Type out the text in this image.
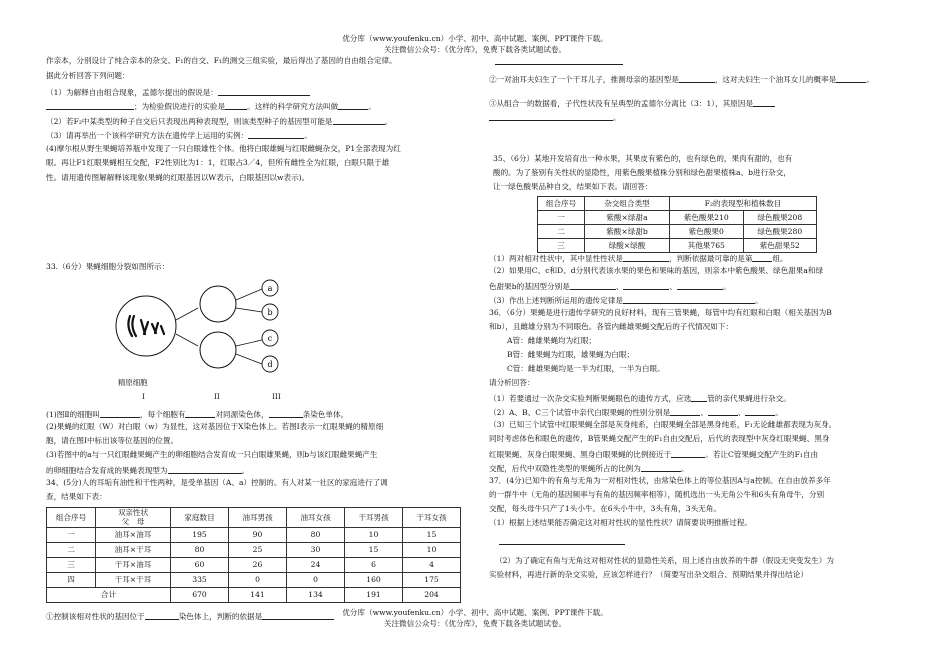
优分库（www.youfenku.cn）小学、初中、高中试题、案例、PPT课件下载。
关注微信公众号：《优分库》，免费下载各类试题试卷。
作亲本，分别设计了纯合亲本的杂交、F₁的自交、F₁的测交三组实验，最后得出了基因的自由组合定律。
据此分析回答下列问题：
（1）为解释自由组合现象，孟德尔提出的假说是：
；为检验假说进行的实验是	。这样的科学研究方法叫做	。
（2）若F₂中某类型的种子自交后只表现出两种表现型，则该类型种子的基因型可能是	。
（3）请再举出一个该科学研究方法在遗传学上运用的实例：	。
(4)摩尔根从野生果蝇培养瓶中发现了一只白眼雄性个体。他将白眼雄蝇与红眼雌蝇杂交，P1全部表现为红
眼。再让F1红眼果蝇相互交配，F2性别比为1：1，红眼占3／4，但所有雌性全为红眼，白眼只限于雄
性。请用遗传图解解释该现象(果蝇的红眼基因以W表示，白眼基因以w表示)。
33.（6分）果蝇细胞分裂如图所示：
a
b
c
d
精原细胞
I	II	III
(1)图Ⅱ的细胞叫	，每个细胞有	对同源染色体，	条染色单体。
(2)果蝇的红眼（W）对白眼（w）为显性，这对基因位于X染色体上。若图Ⅰ表示一红眼果蝇的精原细
胞，请在图Ⅰ中标出该等位基因的位置。
(3)若图中的a与一只红眼雌果蝇产生的卵细胞结合发育成一只白眼雄果蝇，则b与该红眼雌果蝇产生
的卵细胞结合发育成的果蝇表现型为	。
34、(5分)人的耳垢有油性和干性两种，是受单基因（A、a）控制的。有人对某一社区的家庭进行了调
查，结果如下表：
组合序号	双亲性状
父　母	家庭数目	油耳男孩	油耳女孩	干耳男孩	干耳女孩
一	油耳×油耳	195	90	80	10	15
二	油耳×干耳	80	25	30	15	10
三	干耳×油耳	60	26	24	6	4
四	干耳×干耳	335	0	0	160	175
合计		670	141	134	191	204
①控制该相对性状的基因位于	染色体上，判断的依据是
②一对油耳夫妇生了一个干耳儿子，推测母亲的基因型是	，这对夫妇生一个油耳女儿的概率是	。
③从组合一的数据看，子代性状没有呈典型的孟德尔分离比（3：1），其原因是
。
35、（6分）某地开发培育出一种水果，其果皮有紫色的，也有绿色的，果肉有甜的，也有
酸的。为了鉴别有关性状的显隐性，用紫色酸果植株分别和绿色甜果植株a、b进行杂交，
让一绿色酸果品种自交，结果如下表。请回答：
组合序号	杂交组合类型	F₂的表现型和植株数目	
一	紫酸×绿甜a	紫色酸果210	绿色酸果208
二	紫酸×绿甜b	紫色酸果0	绿色酸果280
三	绿酸×绿酸	其他果765	紫色甜果52
（1）两对相对性状中，其中显性性状是	，判断依据最可靠的是第	组。
（2）如果用C、c和D、d分别代表该水果的果色和果味的基因，则亲本中紫色酸果、绿色甜果a和绿
色甜果b的基因型分别是	、	、	。
（3）作出上述判断所运用的遗传定律是	。
36．（6分）果蝇是进行遗传学研究的良好材料，现有三管果蝇，每管中均有红眼和白眼（相关基因为B
和b），且雌雄分别为不同眼色。各管内雌雄果蝇交配后的子代情况如下：
A管：雌雄果蝇均为红眼；
B管：雌果蝇为红眼，雄果蝇为白眼；
C管：雌雄果蝇均是一半为红眼，一半为白眼。
请分析回答：
（1）若要通过一次杂交实验判断果蝇眼色的遗传方式，应选 管的亲代果蝇进行杂交。
（2）A、B、C三个试管中亲代白眼果蝇的性别分别是	、	、	。
（3）已知三个试管中红眼果蝇全部是灰身纯系，白眼果蝇全部是黑身纯系，F₁无论雌雄都表现为灰身。
同时考虑体色和眼色的遗传，B管果蝇交配产生的F₁自由交配后，后代的表现型中灰身红眼果蝇、黑身
红眼果蝇、灰身白眼果蝇、黑身白眼果蝇的比例接近于	。若让C管果蝇交配产生的F₁自由
交配，后代中双隐性类型的果蝇所占的比例为	。
37．(4分)已知牛的有角与无角为一对相对性状，由常染色体上的等位基因A与a控制。在自由放养多年
的一群牛中（无角的基因频率与有角的基因频率相等），随机选出一头无角公牛和6头有角母牛，分别
交配，每头母牛只产了1头小牛。在6头小牛中，3头有角，3头无角。
（1）根据上述结果能否确定这对相对性状的显性性状？请简要说明推断过程。
（2）为了确定有角与无角这对相对性状的显隐性关系，用上述自由放养的牛群（假设无突变发生）为
实验材料，再进行新的杂交实验，应该怎样进行？（简要写出杂交组合、预期结果并得出结论）
优分库（www.youfenku.cn）小学、初中、高中试题、案例、PPT课件下载。
关注微信公众号：《优分库》，免费下载各类试题试卷。
